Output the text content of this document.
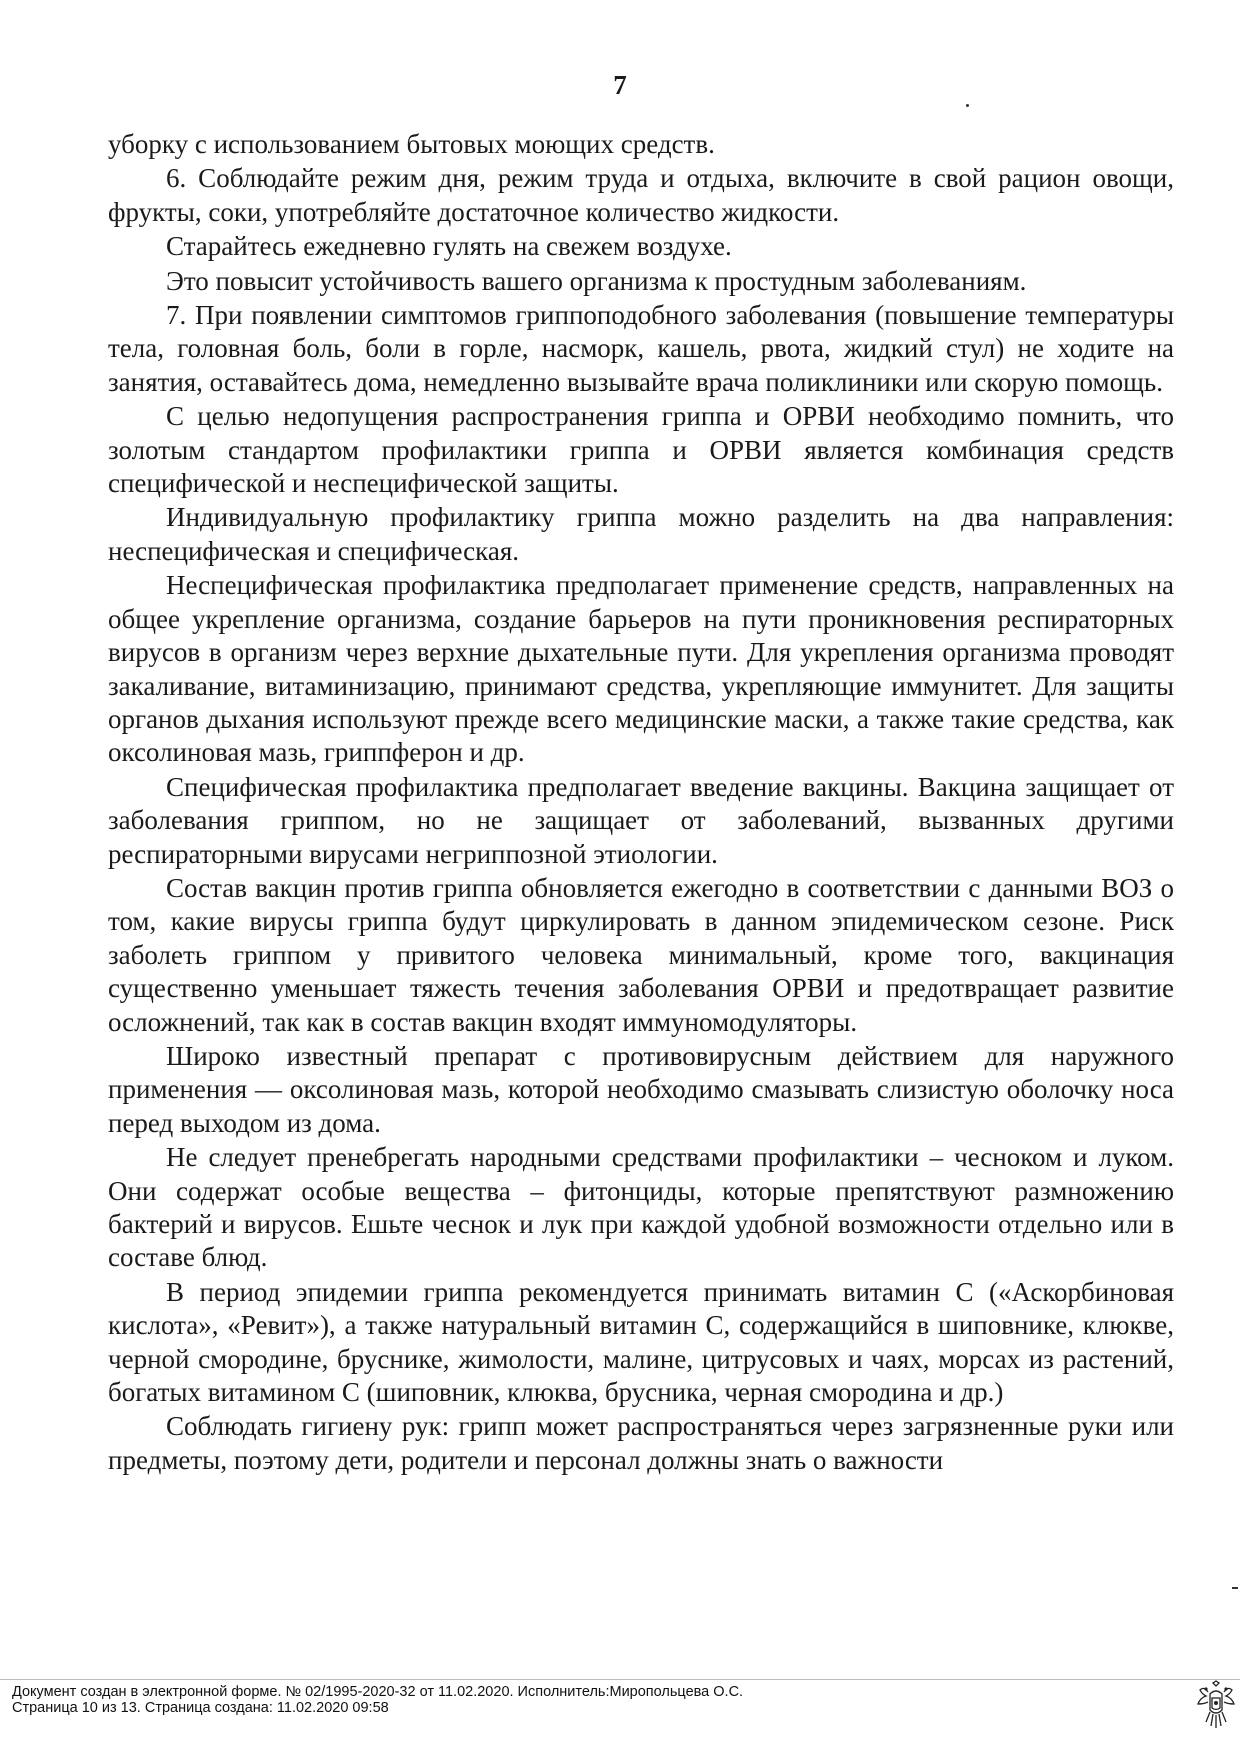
7

уборку с использованием бытовых моющих средств.

6. Соблюдайте режим дня, режим труда и отдыха, включите в свой рацион овощи, фрукты, соки, употребляйте достаточное количество жидкости.

Старайтесь ежедневно гулять на свежем воздухе.

Это повысит устойчивость вашего организма к простудным заболеваниям.

7. При появлении симптомов гриппоподобного заболевания (повышение температуры тела, головная боль, боли в горле, насморк, кашель, рвота, жидкий стул) не ходите на занятия, оставайтесь дома, немедленно вызывайте врача поликлиники или скорую помощь.

С целью недопущения распространения гриппа и ОРВИ необходимо помнить, что золотым стандартом профилактики гриппа и ОРВИ является комбинация средств специфической и неспецифической защиты.

Индивидуальную профилактику гриппа можно разделить на два направления: неспецифическая и специфическая.

Неспецифическая профилактика предполагает применение средств, направленных на общее укрепление организма, создание барьеров на пути проникновения респираторных вирусов в организм через верхние дыхательные пути. Для укрепления организма проводят закаливание, витаминизацию, принимают средства, укрепляющие иммунитет. Для защиты органов дыхания используют прежде всего медицинские маски, а также такие средства, как оксолиновая мазь, гриппферон и др.

Специфическая профилактика предполагает введение вакцины. Вакцина защищает от заболевания гриппом, но не защищает от заболеваний, вызванных другими респираторными вирусами негриппозной этиологии.

Состав вакцин против гриппа обновляется ежегодно в соответствии с данными ВОЗ о том, какие вирусы гриппа будут циркулировать в данном эпидемическом сезоне. Риск заболеть гриппом у привитого человека минимальный, кроме того, вакцинация существенно уменьшает тяжесть течения заболевания ОРВИ и предотвращает развитие осложнений, так как в состав вакцин входят иммуномодуляторы.

Широко известный препарат с противовирусным действием для наружного применения — оксолиновая мазь, которой необходимо смазывать слизистую оболочку носа перед выходом из дома.

Не следует пренебрегать народными средствами профилактики – чесноком и луком. Они содержат особые вещества – фитонциды, которые препятствуют размножению бактерий и вирусов. Ешьте чеснок и лук при каждой удобной возможности отдельно или в составе блюд.

В период эпидемии гриппа рекомендуется принимать витамин С («Аскорбиновая кислота», «Ревит»), а также натуральный витамин С, содержащийся в шиповнике, клюкве, черной смородине, бруснике, жимолости, малине, цитрусовых и чаях, морсах из растений, богатых витамином С (шиповник, клюква, брусника, черная смородина и др.)

Соблюдать гигиену рук: грипп может распространяться через загрязненные руки или предметы, поэтому дети, родители и персонал должны знать о важности

Документ создан в электронной форме. № 02/1995-2020-32 от 11.02.2020. Исполнитель:Миропольцева О.С.
Страница 10 из 13. Страница создана: 11.02.2020 09:58
